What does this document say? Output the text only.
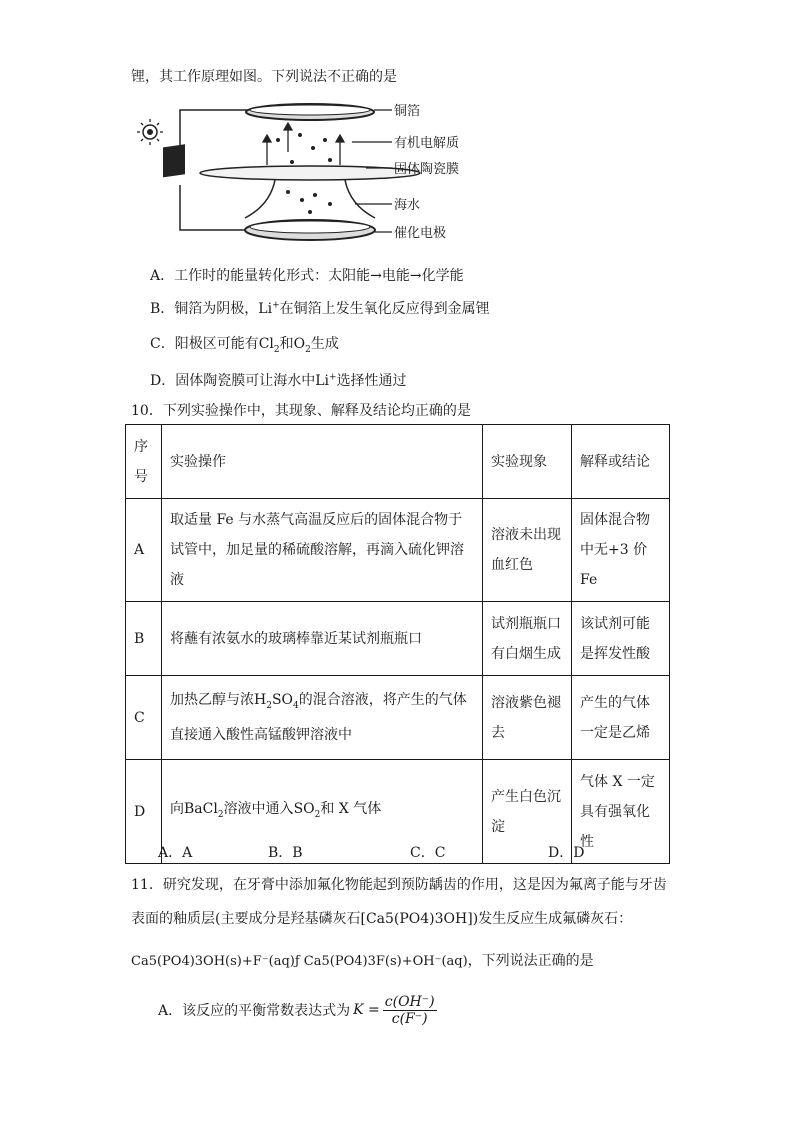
锂，其工作原理如图。下列说法不正确的是
铜箔
有机电解质
固体陶瓷膜
海水
催化电极
A．工作时的能量转化形式：太阳能→电能→化学能
B．铜箔为阴极，Li+在铜箔上发生氧化反应得到金属锂
C．阳极区可能有$Cl_2$和$O_2$生成
D．固体陶瓷膜可让海水中Li+选择性通过
10．下列实验操作中，其现象、解释及结论均正确的是
序
号	实验操作	实验现象	解释或结论
A	取适量 Fe 与水蒸气高温反应后的固体混合物于试管中，加足量的稀硫酸溶解，再滴入硫化钾溶液	溶液未出现血红色	固体混合物中无+3 价 Fe
B	将蘸有浓氨水的玻璃棒靠近某试剂瓶瓶口	试剂瓶瓶口有白烟生成	该试剂可能是挥发性酸
C	加热乙醇与浓$H_2SO_4$的混合溶液，将产生的气体直接通入酸性高锰酸钾溶液中	溶液紫色褪去	产生的气体一定是乙烯
D	向BaCl$_2$溶液中通入$SO_2$和 X 气体	产生白色沉淀	气体 X 一定具有强氧化性
A．A	B．B	C．C	D．D
11．研究发现，在牙膏中添加氟化物能起到预防龋齿的作用，这是因为氟离子能与牙齿
表面的釉质层(主要成分是羟基磷灰石[Ca5(PO4)3OH])发生反应生成氟磷灰石：
Ca5(PO4)3OH(s)+F⁻(aq)ƒ Ca5(PO4)3F(s)+OH⁻(aq)，下列说法正确的是
A．该反应的平衡常数表达式为 $K = \frac{c(OH^-)}{c(F^-)}$
